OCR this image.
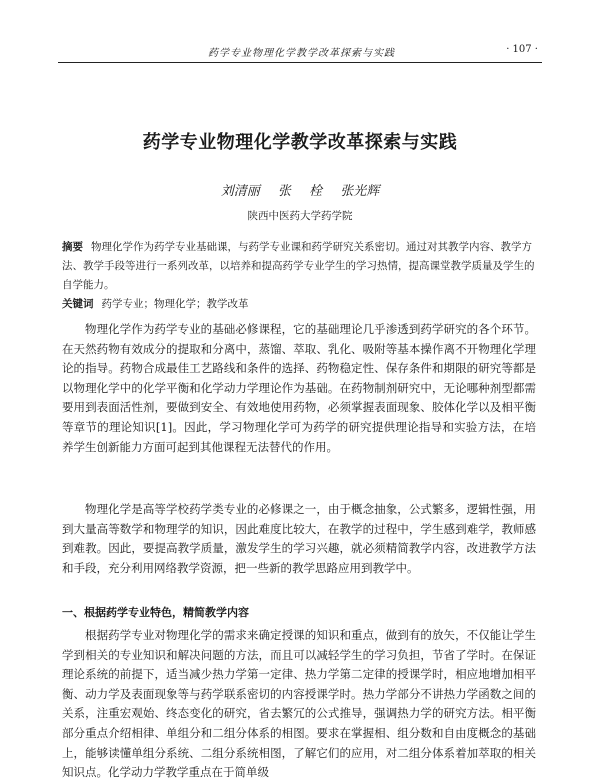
药学专业物理化学教学改革探索与实践	· 107 ·
药学专业物理化学教学改革探索与实践
刘清丽 张 栓 张光辉
陕西中医药大学药学院
摘要 物理化学作为药学专业基础课，与药学专业课和药学研究关系密切。通过对其教学内容、教学方法、教学手段等进行一系列改革，以培养和提高药学专业学生的学习热情，提高课堂教学质量及学生的自学能力。
关键词 药学专业；物理化学；教学改革

物理化学作为药学专业的基础必修课程，它的基础理论几乎渗透到药学研究的各个环节。在天然药物有效成分的提取和分离中，蒸馏、萃取、乳化、吸附等基本操作离不开物理化学理论的指导。药物合成最佳工艺路线和条件的选择、药物稳定性、保存条件和期限的研究等都是以物理化学中的化学平衡和化学动力学理论作为基础。在药物制剂研究中，无论哪种剂型都需要用到表面活性剂，要做到安全、有效地使用药物，必须掌握表面现象、胶体化学以及相平衡等章节的理论知识[1]。因此，学习物理化学可为药学的研究提供理论指导和实验方法，在培养学生创新能力方面可起到其他课程无法替代的作用。

物理化学是高等学校药学类专业的必修课之一，由于概念抽象，公式繁多，逻辑性强，用到大量高等数学和物理学的知识，因此难度比较大，在教学的过程中，学生感到难学，教师感到难教。因此，要提高教学质量，激发学生的学习兴趣，就必须精简教学内容，改进教学方法和手段，充分利用网络教学资源，把一些新的教学思路应用到教学中。

一、根据药学专业特色，精简教学内容

根据药学专业对物理化学的需求来确定授课的知识和重点，做到有的放矢，不仅能让学生学到相关的专业知识和解决问题的方法，而且可以减轻学生的学习负担，节省了学时。在保证理论系统的前提下，适当减少热力学第一定律、热力学第二定律的授课学时，相应地增加相平衡、动力学及表面现象等与药学联系密切的内容授课学时。热力学部分不讲热力学函数之间的关系，注重宏观始、终态变化的研究，省去繁冗的公式推导，强调热力学的研究方法。相平衡部分重点介绍相律、单组分和二组分体系的相图。要求在掌握相、组分数和自由度概念的基础上，能够读懂单组分系统、二组分系统相图，了解它们的应用，对二组分体系着加萃取的相关知识点。化学动力学教学重点在于简单级
